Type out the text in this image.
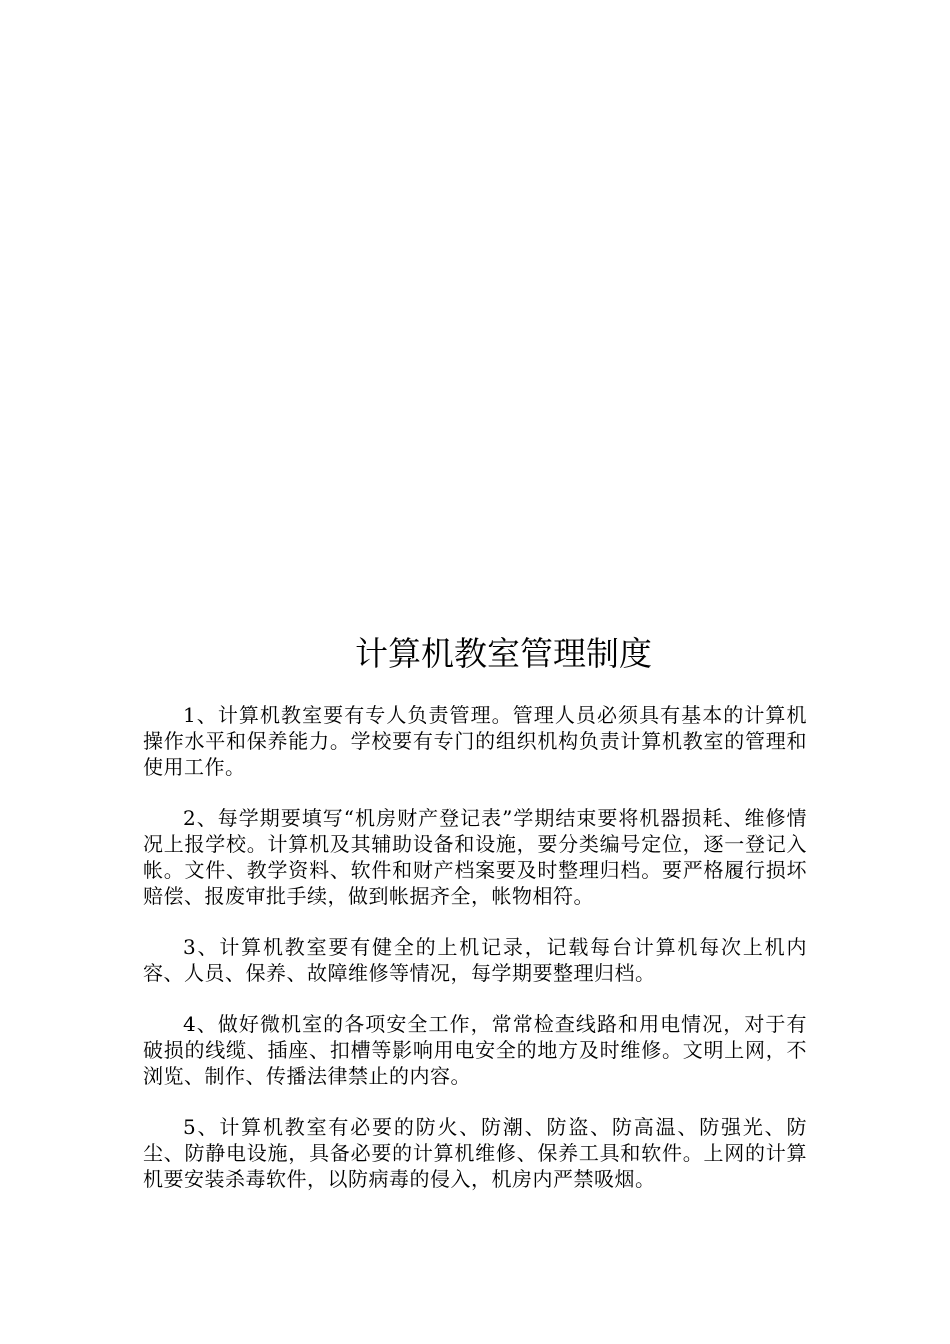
计算机教室管理制度

1、计算机教室要有专人负责管理。管理人员必须具有基本的计算机操作水平和保养能力。学校要有专门的组织机构负责计算机教室的管理和使用工作。

2、每学期要填写“机房财产登记表”学期结束要将机器损耗、维修情况上报学校。计算机及其辅助设备和设施，要分类编号定位，逐一登记入帐。文件、教学资料、软件和财产档案要及时整理归档。要严格履行损坏赔偿、报废审批手续，做到帐据齐全，帐物相符。

3、计算机教室要有健全的上机记录，记载每台计算机每次上机内容、人员、保养、故障维修等情况，每学期要整理归档。

4、做好微机室的各项安全工作，常常检查线路和用电情况，对于有破损的线缆、插座、扣槽等影响用电安全的地方及时维修。文明上网，不浏览、制作、传播法律禁止的内容。

5、计算机教室有必要的防火、防潮、防盗、防高温、防强光、防尘、防静电设施，具备必要的计算机维修、保养工具和软件。上网的计算机要安装杀毒软件，以防病毒的侵入，机房内严禁吸烟。
